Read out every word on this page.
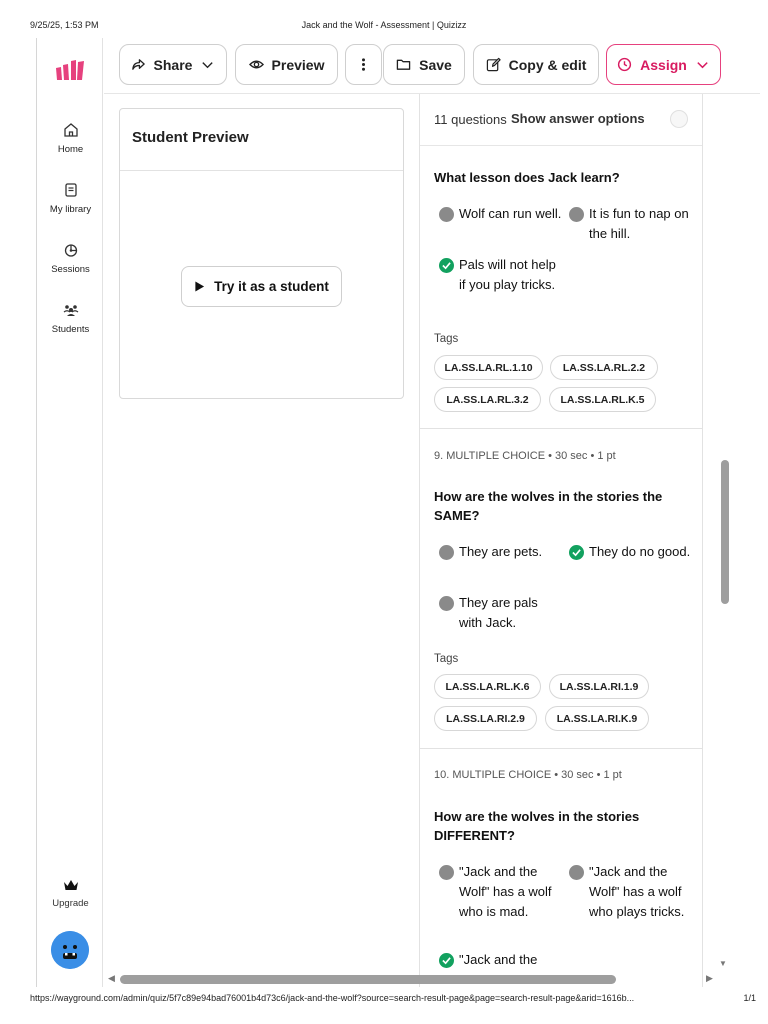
9/25/25, 1:53 PM	Jack and the Wolf - Assessment | Quizizz
Home
My library
Sessions
Students
Upgrade
Share	Preview	Save	Copy & edit	Assign
Student Preview
Try it as a student
11 questions Show answer options
What lesson does Jack learn?
Wolf can run well.	It is fun to nap on the hill.
Pals will not help if you play tricks.
Tags
LA.SS.LA.RL.1.10	LA.SS.LA.RL.2.2
LA.SS.LA.RL.3.2	LA.SS.LA.RL.K.5
9. MULTIPLE CHOICE • 30 sec • 1 pt
How are the wolves in the stories the SAME?
They are pets.	They do no good.
They are pals with Jack.
Tags
LA.SS.LA.RL.K.6	LA.SS.LA.RI.1.9
LA.SS.LA.RI.2.9	LA.SS.LA.RI.K.9
10. MULTIPLE CHOICE • 30 sec • 1 pt
How are the wolves in the stories DIFFERENT?
"Jack and the Wolf" has a wolf who is mad.
"Jack and the Wolf" has a wolf who plays tricks.
"Jack and the	▼
◀	▶
https://wayground.com/admin/quiz/5f7c89e94bad76001b4d73c6/jack-and-the-wolf?source=search-result-page&page=search-result-page&arid=1616b...	1/1
